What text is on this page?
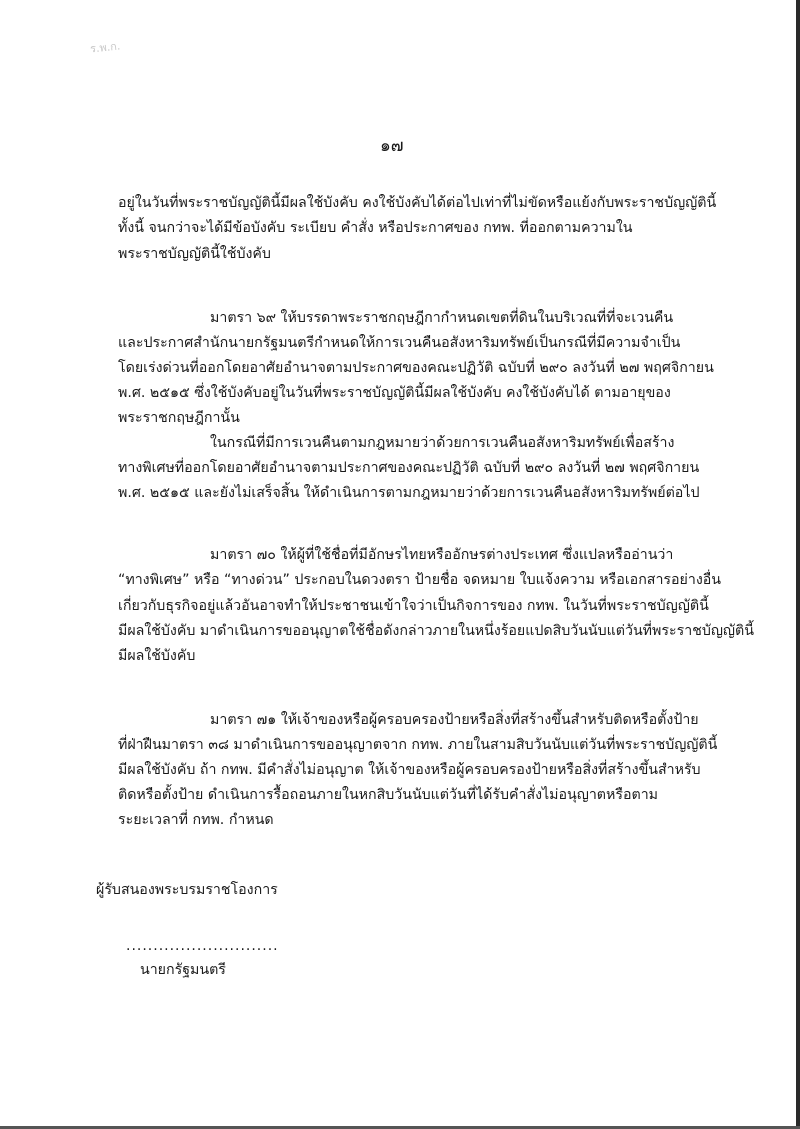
ร.พ.ก.
๑๗
อยู่ในวันที่พระราชบัญญัตินี้มีผลใช้บังคับ คงใช้บังคับได้ต่อไปเท่าที่ไม่ขัดหรือแย้งกับพระราชบัญญัตินี้
ทั้งนี้ จนกว่าจะได้มีข้อบังคับ ระเบียบ คำสั่ง หรือประกาศของ กทพ. ที่ออกตามความใน
พระราชบัญญัตินี้ใช้บังคับ
มาตรา ๖๙ ให้บรรดาพระราชกฤษฎีกากำหนดเขตที่ดินในบริเวณที่ที่จะเวนคืน
และประกาศสำนักนายกรัฐมนตรีกำหนดให้การเวนคืนอสังหาริมทรัพย์เป็นกรณีที่มีความจำเป็น
โดยเร่งด่วนที่ออกโดยอาศัยอำนาจตามประกาศของคณะปฏิวัติ ฉบับที่ ๒๙๐ ลงวันที่ ๒๗ พฤศจิกายน
พ.ศ. ๒๕๑๕ ซึ่งใช้บังคับอยู่ในวันที่พระราชบัญญัตินี้มีผลใช้บังคับ คงใช้บังคับได้ ตามอายุของ
พระราชกฤษฎีกานั้น
ในกรณีที่มีการเวนคืนตามกฎหมายว่าด้วยการเวนคืนอสังหาริมทรัพย์เพื่อสร้าง
ทางพิเศษที่ออกโดยอาศัยอำนาจตามประกาศของคณะปฏิวัติ ฉบับที่ ๒๙๐ ลงวันที่ ๒๗ พฤศจิกายน
พ.ศ. ๒๕๑๕ และยังไม่เสร็จสิ้น ให้ดำเนินการตามกฎหมายว่าด้วยการเวนคืนอสังหาริมทรัพย์ต่อไป
มาตรา ๗๐ ให้ผู้ที่ใช้ชื่อที่มีอักษรไทยหรืออักษรต่างประเทศ ซึ่งแปลหรืออ่านว่า
“ทางพิเศษ” หรือ “ทางด่วน” ประกอบในดวงตรา ป้ายชื่อ จดหมาย ใบแจ้งความ หรือเอกสารอย่างอื่น
เกี่ยวกับธุรกิจอยู่แล้วอันอาจทำให้ประชาชนเข้าใจว่าเป็นกิจการของ กทพ. ในวันที่พระราชบัญญัตินี้
มีผลใช้บังคับ มาดำเนินการขออนุญาตใช้ชื่อดังกล่าวภายในหนึ่งร้อยแปดสิบวันนับแต่วันที่พระราชบัญญัตินี้
มีผลใช้บังคับ
มาตรา ๗๑ ให้เจ้าของหรือผู้ครอบครองป้ายหรือสิ่งที่สร้างขึ้นสำหรับติดหรือตั้งป้าย
ที่ฝ่าฝืนมาตรา ๓๘ มาดำเนินการขออนุญาตจาก กทพ. ภายในสามสิบวันนับแต่วันที่พระราชบัญญัตินี้
มีผลใช้บังคับ ถ้า กทพ. มีคำสั่งไม่อนุญาต ให้เจ้าของหรือผู้ครอบครองป้ายหรือสิ่งที่สร้างขึ้นสำหรับ
ติดหรือตั้งป้าย ดำเนินการรื้อถอนภายในหกสิบวันนับแต่วันที่ได้รับคำสั่งไม่อนุญาตหรือตาม
ระยะเวลาที่ กทพ. กำหนด
ผู้รับสนองพระบรมราชโองการ
............................
นายกรัฐมนตรี
